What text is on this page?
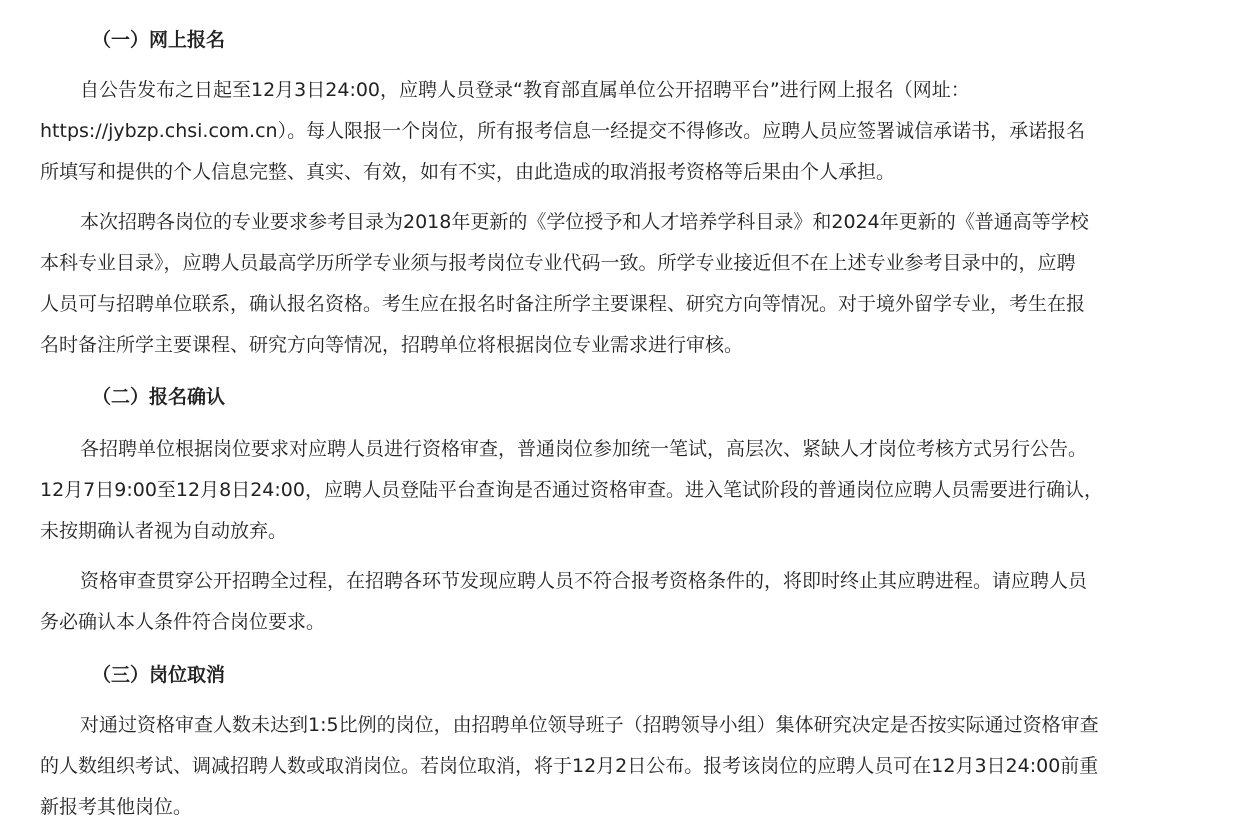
（一）网上报名

自公告发布之日起至12月3日24:00，应聘人员登录“教育部直属单位公开招聘平台”进行网上报名（网址：
https://jybzp.chsi.com.cn）。每人限报一个岗位，所有报考信息一经提交不得修改。应聘人员应签署诚信承诺书，承诺报名
所填写和提供的个人信息完整、真实、有效，如有不实，由此造成的取消报考资格等后果由个人承担。

本次招聘各岗位的专业要求参考目录为2018年更新的《学位授予和人才培养学科目录》和2024年更新的《普通高等学校
本科专业目录》，应聘人员最高学历所学专业须与报考岗位专业代码一致。所学专业接近但不在上述专业参考目录中的，应聘
人员可与招聘单位联系，确认报名资格。考生应在报名时备注所学主要课程、研究方向等情况。对于境外留学专业，考生在报
名时备注所学主要课程、研究方向等情况，招聘单位将根据岗位专业需求进行审核。

（二）报名确认

各招聘单位根据岗位要求对应聘人员进行资格审查，普通岗位参加统一笔试，高层次、紧缺人才岗位考核方式另行公告。
12月7日9:00至12月8日24:00，应聘人员登陆平台查询是否通过资格审查。进入笔试阶段的普通岗位应聘人员需要进行确认，
未按期确认者视为自动放弃。

资格审查贯穿公开招聘全过程，在招聘各环节发现应聘人员不符合报考资格条件的，将即时终止其应聘进程。请应聘人员
务必确认本人条件符合岗位要求。

（三）岗位取消

对通过资格审查人数未达到1:5比例的岗位，由招聘单位领导班子（招聘领导小组）集体研究决定是否按实际通过资格审查
的人数组织考试、调减招聘人数或取消岗位。若岗位取消，将于12月2日公布。报考该岗位的应聘人员可在12月3日24:00前重
新报考其他岗位。
